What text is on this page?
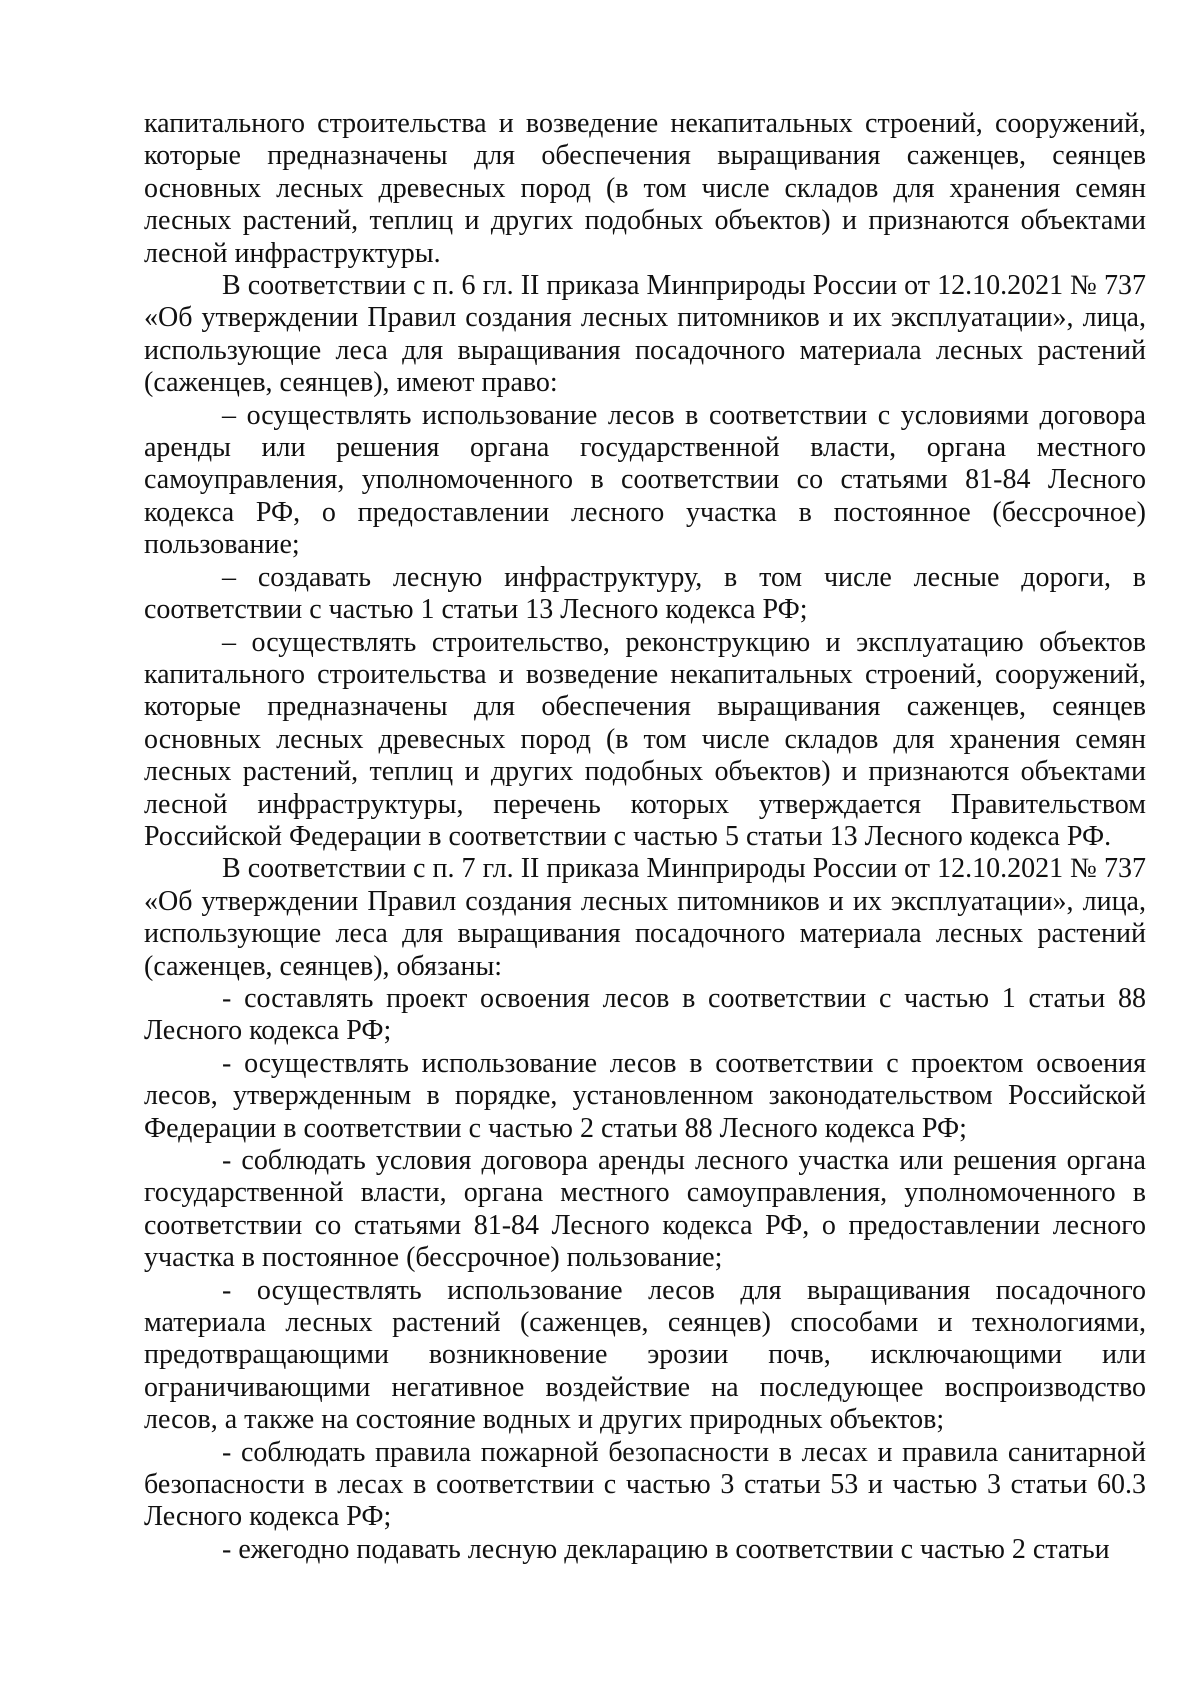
капитального строительства и возведение некапитальных строений, сооружений, которые предназначены для обеспечения выращивания саженцев, сеянцев основных лесных древесных пород (в том числе складов для хранения семян лесных растений, теплиц и других подобных объектов) и признаются объектами лесной инфраструктуры.

В соответствии с п. 6 гл. II приказа Минприроды России от 12.10.2021 № 737 «Об утверждении Правил создания лесных питомников и их эксплуатации», лица, использующие леса для выращивания посадочного материала лесных растений (саженцев, сеянцев), имеют право:

– осуществлять использование лесов в соответствии с условиями договора аренды или решения органа государственной власти, органа местного самоуправления, уполномоченного в соответствии со статьями 81-84 Лесного кодекса РФ, о предоставлении лесного участка в постоянное (бессрочное) пользование;

– создавать лесную инфраструктуру, в том числе лесные дороги, в соответствии с частью 1 статьи 13 Лесного кодекса РФ;

– осуществлять строительство, реконструкцию и эксплуатацию объектов капитального строительства и возведение некапитальных строений, сооружений, которые предназначены для обеспечения выращивания саженцев, сеянцев основных лесных древесных пород (в том числе складов для хранения семян лесных растений, теплиц и других подобных объектов) и признаются объектами лесной инфраструктуры, перечень которых утверждается Правительством Российской Федерации в соответствии с частью 5 статьи 13 Лесного кодекса РФ.

В соответствии с п. 7 гл. II приказа Минприроды России от 12.10.2021 № 737 «Об утверждении Правил создания лесных питомников и их эксплуатации», лица, использующие леса для выращивания посадочного материала лесных растений (саженцев, сеянцев), обязаны:

- составлять проект освоения лесов в соответствии с частью 1 статьи 88 Лесного кодекса РФ;

- осуществлять использование лесов в соответствии с проектом освоения лесов, утвержденным в порядке, установленном законодательством Российской Федерации в соответствии с частью 2 статьи 88 Лесного кодекса РФ;

- соблюдать условия договора аренды лесного участка или решения органа государственной власти, органа местного самоуправления, уполномоченного в соответствии со статьями 81-84 Лесного кодекса РФ, о предоставлении лесного участка в постоянное (бессрочное) пользование;

- осуществлять использование лесов для выращивания посадочного материала лесных растений (саженцев, сеянцев) способами и технологиями, предотвращающими возникновение эрозии почв, исключающими или ограничивающими негативное воздействие на последующее воспроизводство лесов, а также на состояние водных и других природных объектов;

- соблюдать правила пожарной безопасности в лесах и правила санитарной безопасности в лесах в соответствии с частью 3 статьи 53 и частью 3 статьи 60.3 Лесного кодекса РФ;

- ежегодно подавать лесную декларацию в соответствии с частью 2 статьи
